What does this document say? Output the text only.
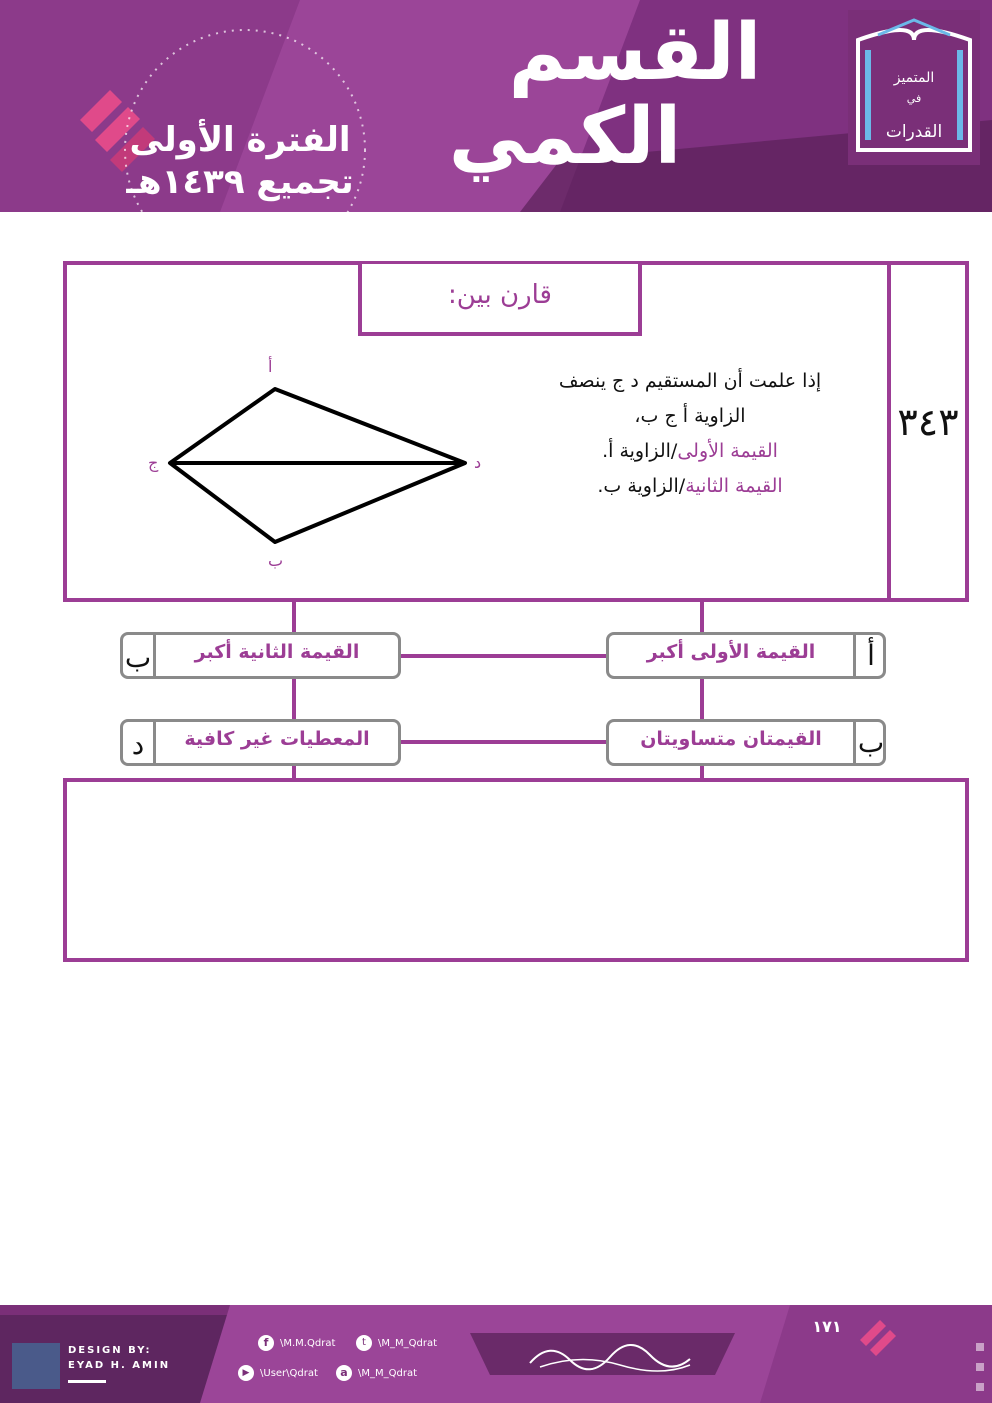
القسم
الكمي
الفترة الأولى
تجميع ١٤٣٩هـ
المتميز
في
القدرات
٣٤٣
قارن بين:
إذا علمت أن المستقيم د ج ينصف
الزاوية أ ج ب،
القيمة الأولى/الزاوية أ.
القيمة الثانية/الزاوية ب.
أ
ج	د
ب
أ
القيمة الأولى أكبر
ب	القيمة الثانية أكبر
ب
القيمتان متساويتان
د	المعطيات غير كافية
DESIGN BY:
EYAD H. AMIN
f	\M.M.Qdrat	t	\M_M_Qdrat
▶	\User\Qdrat	a	\M_M_Qdrat
١٧١
